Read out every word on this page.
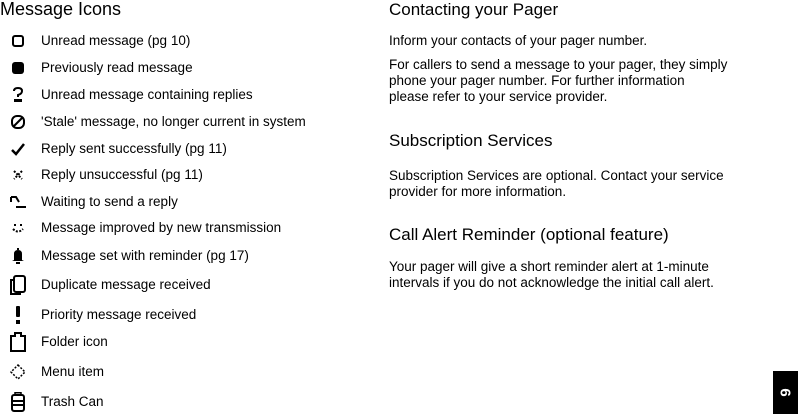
Message Icons
Unread message (pg 10)
Previously read message
Unread message containing replies
'Stale' message, no longer current in system
Reply sent successfully (pg 11)
Reply unsuccessful (pg 11)
Waiting to send a reply
Message improved by new transmission
Message set with reminder (pg 17)
Duplicate message received
Priority message received
Folder icon
Menu item
Trash Can
Contacting your Pager

Inform your contacts of your pager number.

For callers to send a message to your pager, they simply
phone your pager number. For further information
please refer to your service provider.

Subscription Services

Subscription Services are optional. Contact your service
provider for more information.

Call Alert Reminder (optional feature)

Your pager will give a short reminder alert at 1-minute
intervals if you do not acknowledge the initial call alert.

6
